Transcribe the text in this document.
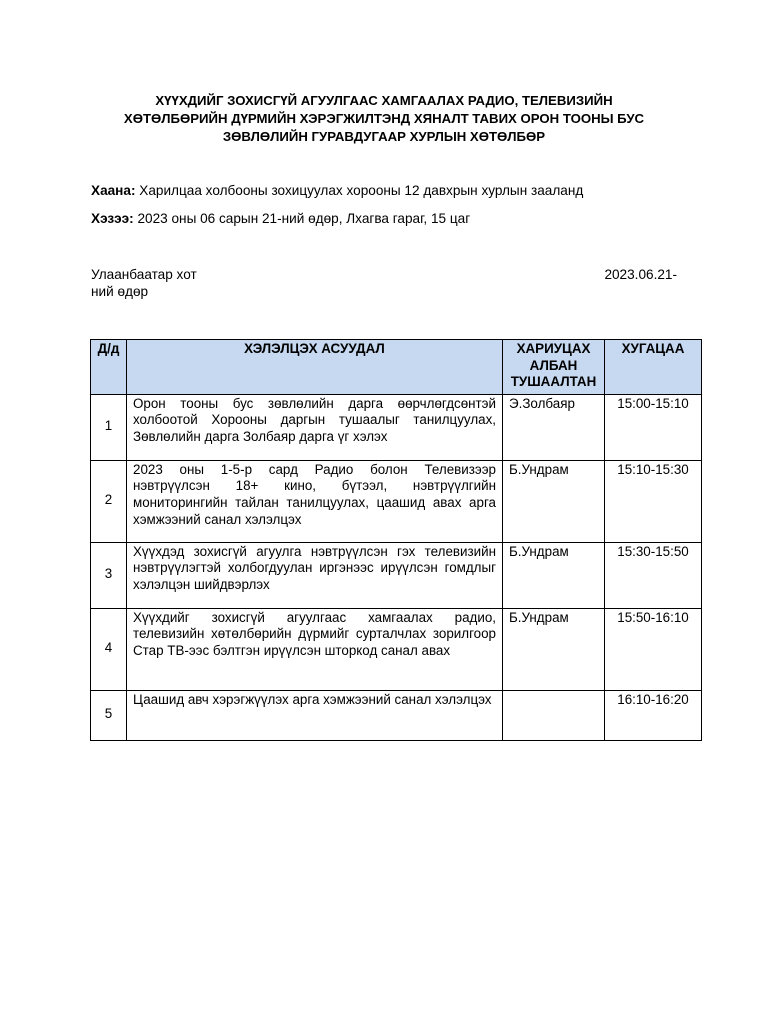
ХҮҮХДИЙГ ЗОХИСГҮЙ АГУУЛГААС ХАМГААЛАХ РАДИО, ТЕЛЕВИЗИЙН
ХӨТӨЛБӨРИЙН ДҮРМИЙН ХЭРЭГЖИЛТЭНД ХЯНАЛТ ТАВИХ ОРОН ТООНЫ БУС
ЗӨВЛӨЛИЙН ГУРАВДУГААР ХУРЛЫН ХӨТӨЛБӨР
Хаана: Харилцаа холбооны зохицуулах хорооны 12 давхрын хурлын зааланд
Хэзээ: 2023 оны 06 сарын 21-ний өдөр, Лхагва гараг, 15 цаг
Улаанбаатар хот
ний өдөр
2023.06.21-
Д/д	ХЭЛЭЛЦЭХ АСУУДАЛ	ХАРИУЦАХ АЛБАН ТУШААЛТАН	ХУГАЦАА
1	Орон тооны бус зөвлөлийн дарга өөрчлөгдсөнтэй холбоотой Хорооны даргын тушаалыг танилцуулах, Зөвлөлийн дарга Золбаяр дарга үг хэлэх	Э.Золбаяр	15:00-15:10
2	2023 оны 1-5-р сард Радио болон Телевизээр нэвтрүүлсэн 18+ кино, бүтээл, нэвтрүүлгийн мониторингийн тайлан танилцуулах, цаашид авах арга хэмжээний санал хэлэлцэх	Б.Ундрам	15:10-15:30
3	Хүүхдэд зохисгүй агуулга нэвтрүүлсэн гэх телевизийн нэвтрүүлэгтэй холбогдуулан иргэнээс ирүүлсэн гомдлыг хэлэлцэн шийдвэрлэх	Б.Ундрам	15:30-15:50
4	Хүүхдийг зохисгүй агуулгаас хамгаалах радио, телевизийн хөтөлбөрийн дүрмийг сурталчлах зорилгоор Стар ТВ-ээс бэлтгэн ирүүлсэн шторкод санал авах	Б.Ундрам	15:50-16:10
5	Цаашид авч хэрэгжүүлэх арга хэмжээний санал хэлэлцэх		16:10-16:20
